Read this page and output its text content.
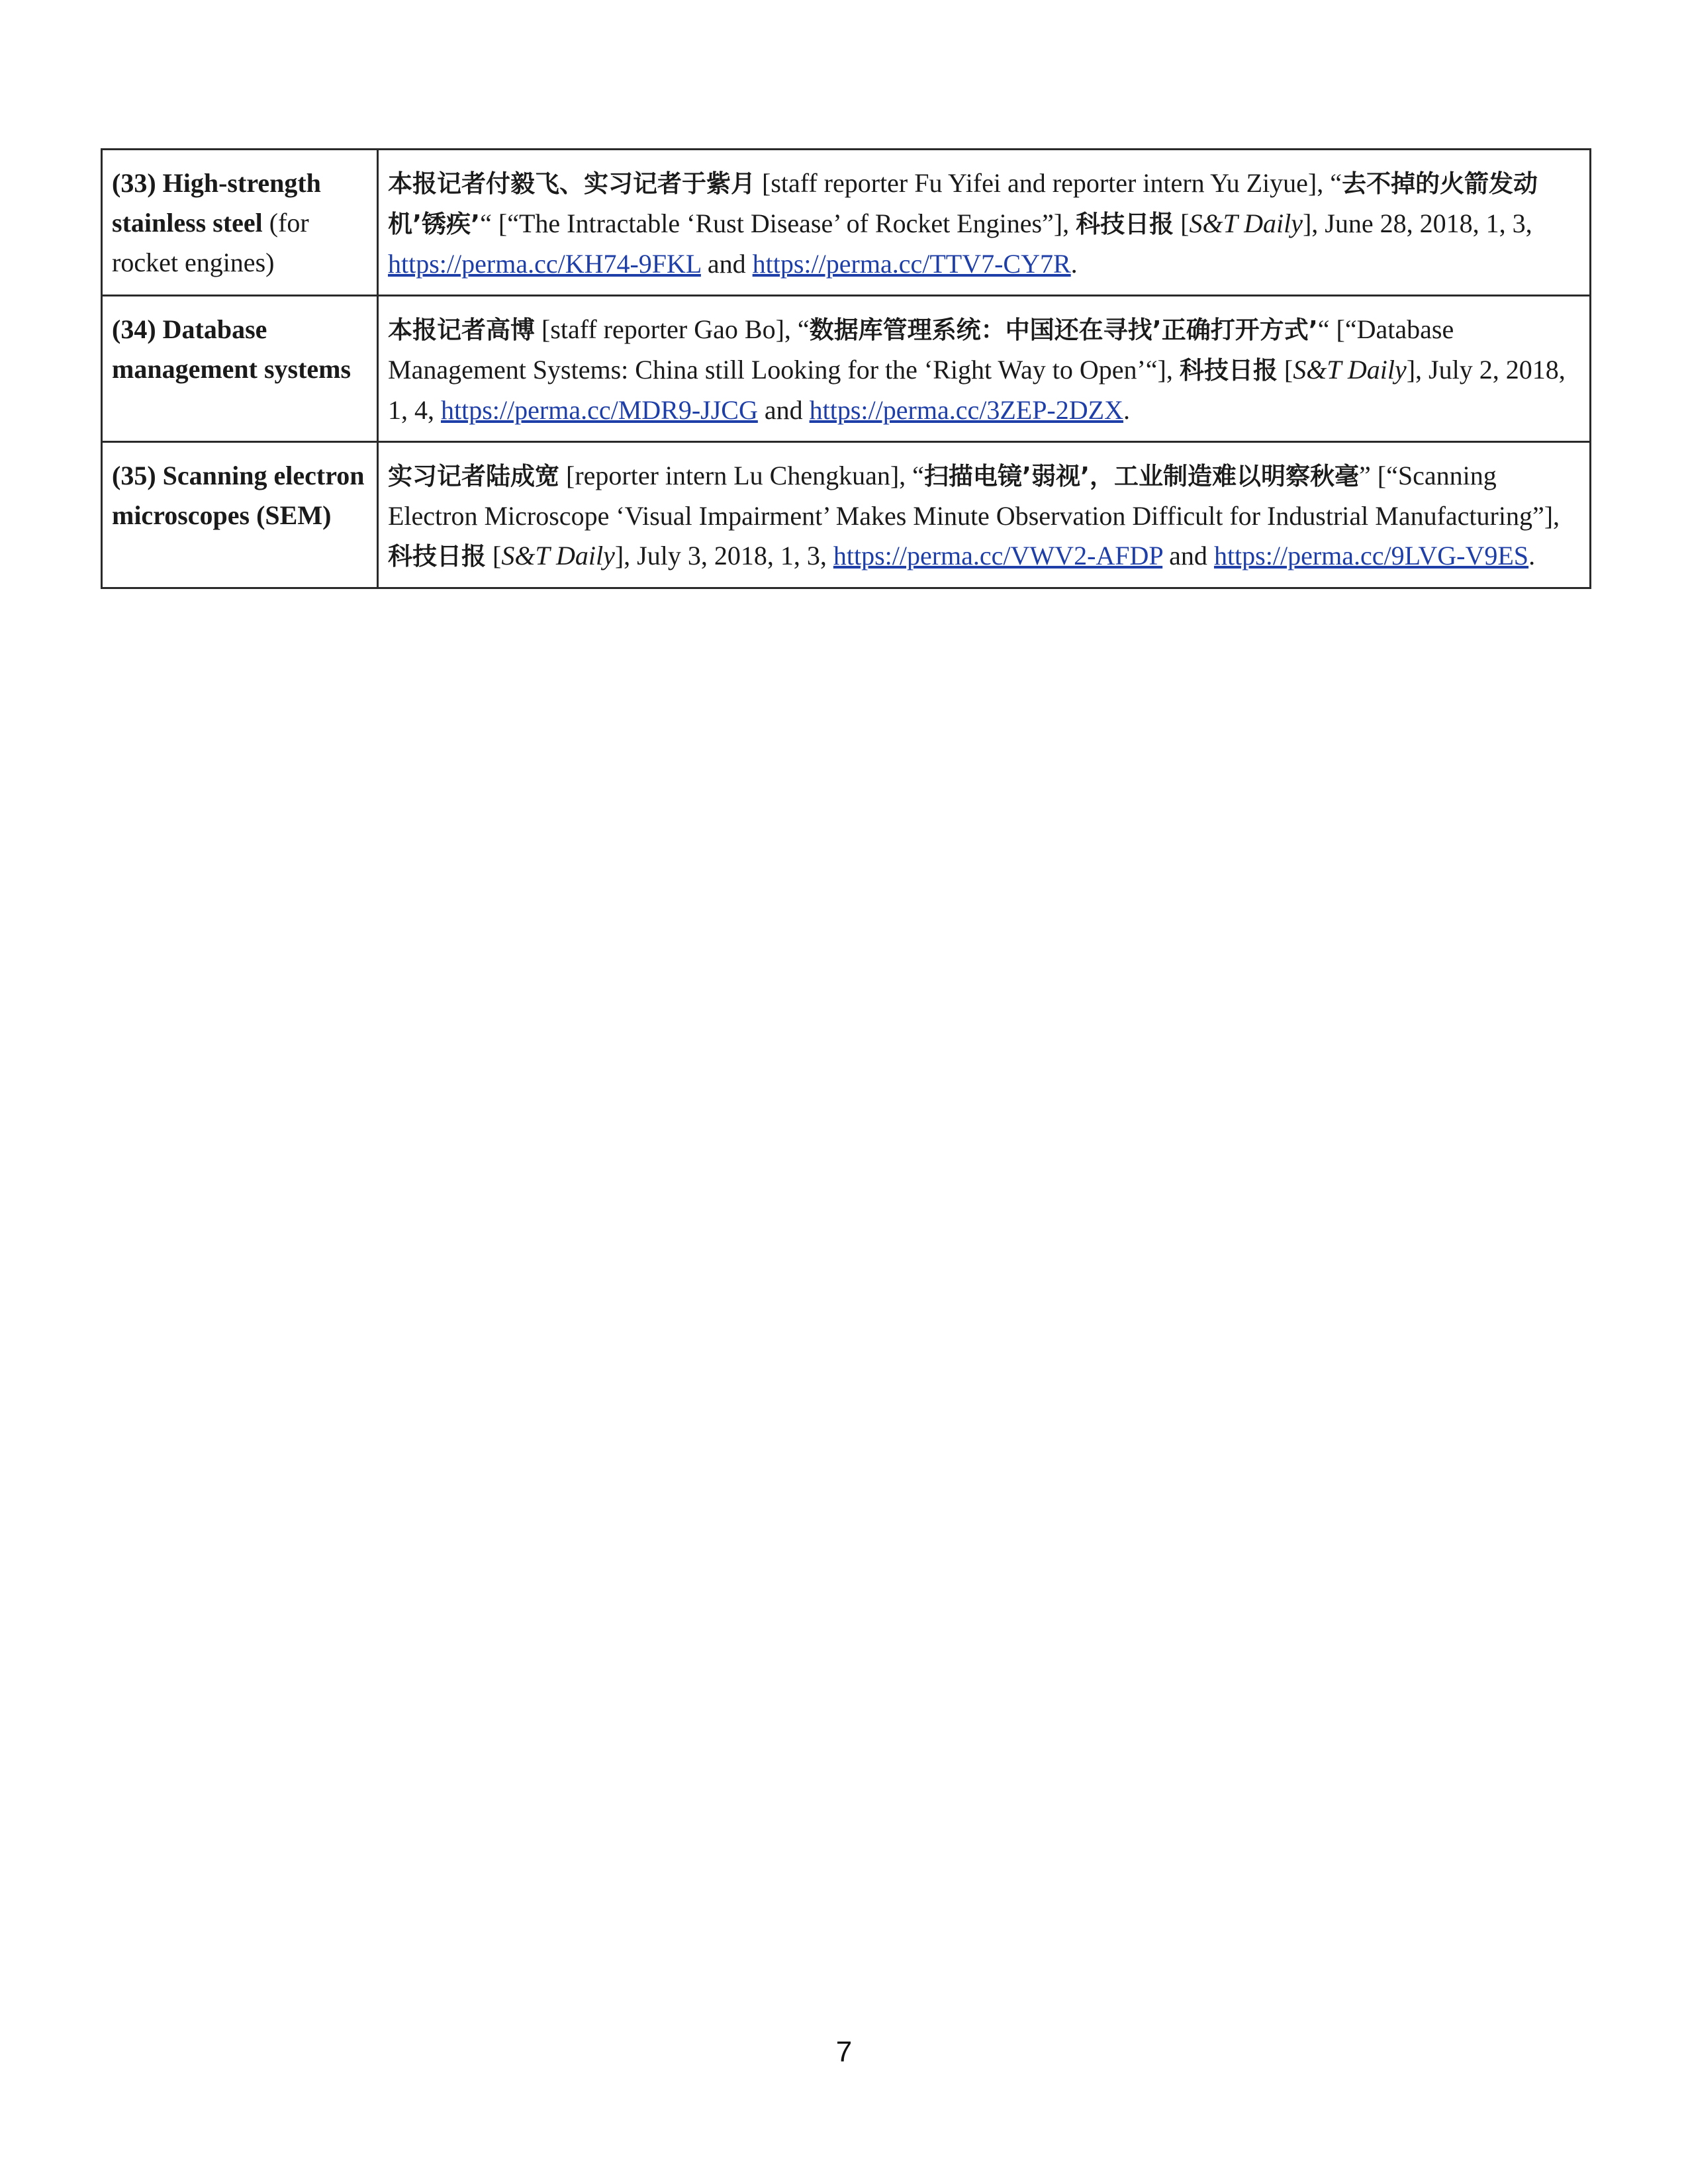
(33) High-strength stainless steel (for rocket engines)	本报记者付毅飞、实习记者于紫月 [staff reporter Fu Yifei and reporter intern Yu Ziyue], “去不掉的火箭发动机’锈疾’“ [“The Intractable ‘Rust Disease’ of Rocket Engines”], 科技日报 [S&T Daily], June 28, 2018, 1, 3, https://perma.cc/KH74-9FKL and https://perma.cc/TTV7-CY7R.
(34) Database management systems	本报记者高博 [staff reporter Gao Bo], “数据库管理系统：中国还在寻找’正确打开方式’“ [“Database Management Systems: China still Looking for the ‘Right Way to Open’“], 科技日报 [S&T Daily], July 2, 2018, 1, 4, https://perma.cc/MDR9-JJCG and https://perma.cc/3ZEP-2DZX.
(35) Scanning electron microscopes (SEM)	实习记者陆成宽 [reporter intern Lu Chengkuan], “扫描电镜’弱视’，工业制造难以明察秋毫” [“Scanning Electron Microscope ‘Visual Impairment’ Makes Minute Observation Difficult for Industrial Manufacturing”], 科技日报 [S&T Daily], July 3, 2018, 1, 3, https://perma.cc/VWV2-AFDP and https://perma.cc/9LVG-V9ES.
7
